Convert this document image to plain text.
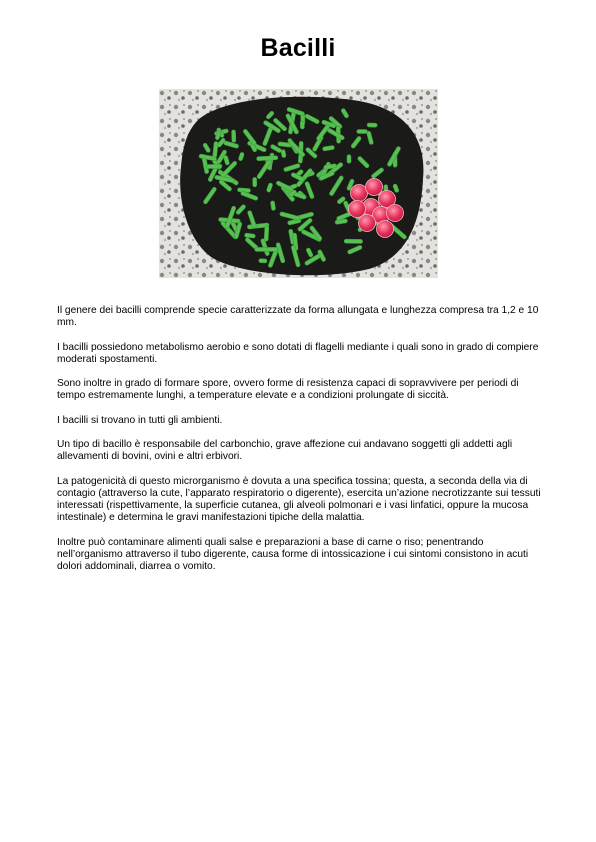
Bacilli

Il genere dei bacilli comprende specie caratterizzate da forma allungata e lunghezza compresa tra 1,2 e 10 mm.

I bacilli possiedono metabolismo aerobio e sono dotati di flagelli mediante i quali sono in grado di compiere moderati spostamenti.

Sono inoltre in grado di formare spore, ovvero forme di resistenza capaci di sopravvivere per periodi di tempo estremamente lunghi, a temperature elevate e a condizioni prolungate di siccità.

I bacilli si trovano in tutti gli ambienti.

Un tipo di bacillo è responsabile del carbonchio, grave affezione cui andavano soggetti gli addetti agli allevamenti di bovini, ovini e altri erbivori.

La patogenicità di questo microrganismo è dovuta a una specifica tossina; questa, a seconda della via di contagio (attraverso la cute, l’apparato respiratorio o digerente), esercita un’azione necrotizzante sui tessuti interessati (rispettivamente, la superficie cutanea, gli alveoli polmonari e i vasi linfatici, oppure la mucosa intestinale) e determina le gravi manifestazioni tipiche della malattia.

Inoltre può contaminare alimenti quali salse e preparazioni a base di carne o riso; penentrando nell’organismo attraverso il tubo digerente, causa forme di intossicazione i cui sintomi consistono in acuti dolori addominali, diarrea o vomito.
